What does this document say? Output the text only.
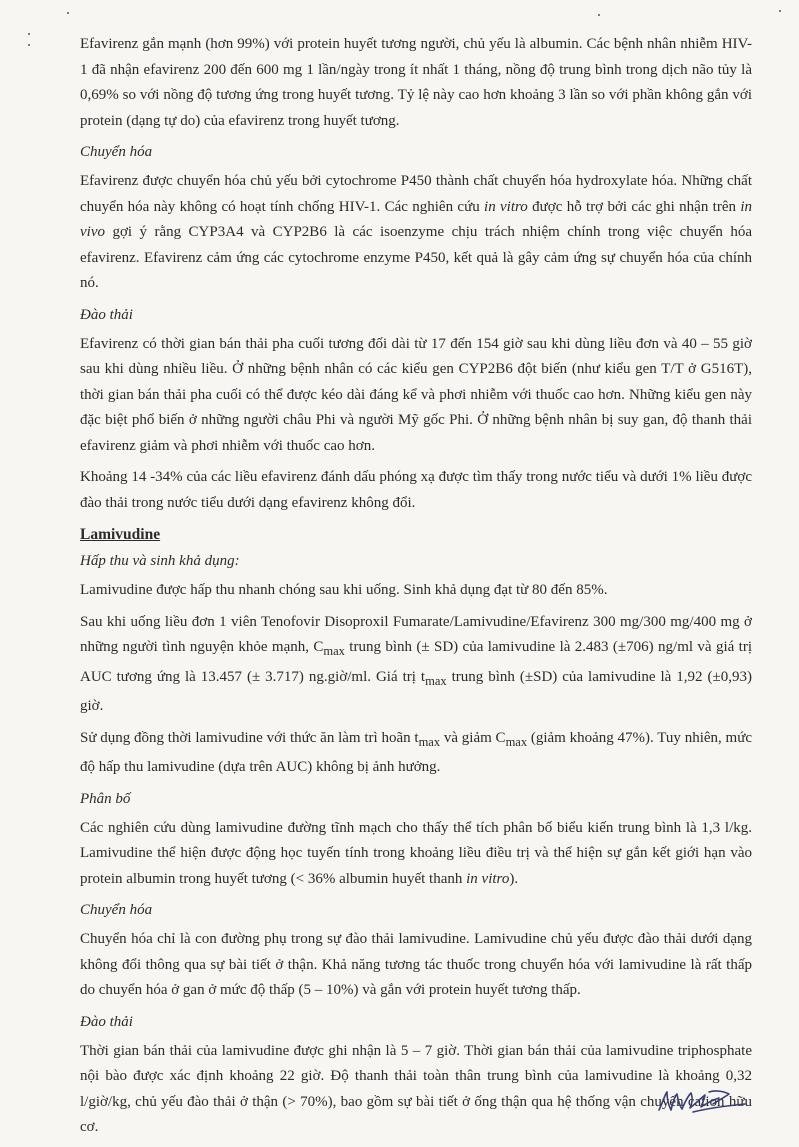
Efavirenz gắn mạnh (hơn 99%) với protein huyết tương người, chủ yếu là albumin. Các bệnh nhân nhiễm HIV-1 đã nhận efavirenz 200 đến 600 mg 1 lần/ngày trong ít nhất 1 tháng, nồng độ trung bình trong dịch não tủy là 0,69% so với nồng độ tương ứng trong huyết tương. Tỷ lệ này cao hơn khoảng 3 lần so với phần không gắn với protein (dạng tự do) của efavirenz trong huyết tương.

Chuyển hóa

Efavirenz được chuyển hóa chủ yếu bởi cytochrome P450 thành chất chuyển hóa hydroxylate hóa. Những chất chuyển hóa này không có hoạt tính chống HIV-1. Các nghiên cứu in vitro được hỗ trợ bởi các ghi nhận trên in vivo gợi ý rằng CYP3A4 và CYP2B6 là các isoenzyme chịu trách nhiệm chính trong việc chuyển hóa efavirenz. Efavirenz cảm ứng các cytochrome enzyme P450, kết quả là gây cảm ứng sự chuyển hóa của chính nó.

Đào thải

Efavirenz có thời gian bán thải pha cuối tương đối dài từ 17 đến 154 giờ sau khi dùng liều đơn và 40 – 55 giờ sau khi dùng nhiều liều. Ở những bệnh nhân có các kiểu gen CYP2B6 đột biến (như kiểu gen T/T ở G516T), thời gian bán thải pha cuối có thể được kéo dài đáng kể và phơi nhiễm với thuốc cao hơn. Những kiểu gen này đặc biệt phổ biến ở những người châu Phi và người Mỹ gốc Phi. Ở những bệnh nhân bị suy gan, độ thanh thải efavirenz giảm và phơi nhiễm với thuốc cao hơn.

Khoảng 14 -34% của các liều efavirenz đánh dấu phóng xạ được tìm thấy trong nước tiểu và dưới 1% liều được đào thải trong nước tiểu dưới dạng efavirenz không đổi.

Lamivudine
Hấp thu và sinh khả dụng:

Lamivudine được hấp thu nhanh chóng sau khi uống. Sinh khả dụng đạt từ 80 đến 85%.

Sau khi uống liều đơn 1 viên Tenofovir Disoproxil Fumarate/Lamivudine/Efavirenz 300 mg/300 mg/400 mg ở những người tình nguyện khỏe mạnh, $C_{max}$ trung bình (± SD) của lamivudine là 2.483 (±706) ng/ml và giá trị AUC tương ứng là 13.457 (± 3.717) ng.giờ/ml. Giá trị $t_{max}$ trung bình (±SD) của lamivudine là 1,92 (±0,93) giờ.

Sử dụng đồng thời lamivudine với thức ăn làm trì hoãn $t_{max}$ và giảm $C_{max}$ (giảm khoảng 47%). Tuy nhiên, mức độ hấp thu lamivudine (dựa trên AUC) không bị ảnh hưởng.

Phân bố

Các nghiên cứu dùng lamivudine đường tĩnh mạch cho thấy thể tích phân bố biểu kiến trung bình là 1,3 l/kg. Lamivudine thể hiện được động học tuyến tính trong khoảng liều điều trị và thể hiện sự gắn kết giới hạn vào protein albumin trong huyết tương (< 36% albumin huyết thanh in vitro).

Chuyển hóa

Chuyển hóa chỉ là con đường phụ trong sự đào thải lamivudine. Lamivudine chủ yếu được đào thải dưới dạng không đổi thông qua sự bài tiết ở thận. Khả năng tương tác thuốc trong chuyển hóa với lamivudine là rất thấp do chuyển hóa ở gan ở mức độ thấp (5 – 10%) và gắn với protein huyết tương thấp.

Đào thải

Thời gian bán thải của lamivudine được ghi nhận là 5 – 7 giờ. Thời gian bán thải của lamivudine triphosphate nội bào được xác định khoảng 22 giờ. Độ thanh thải toàn thân trung bình của lamivudine là khoảng 0,32 l/giờ/kg, chủ yếu đào thải ở thận (> 70%), bao gồm sự bài tiết ở ống thận qua hệ thống vận chuyển cation hữu cơ.
